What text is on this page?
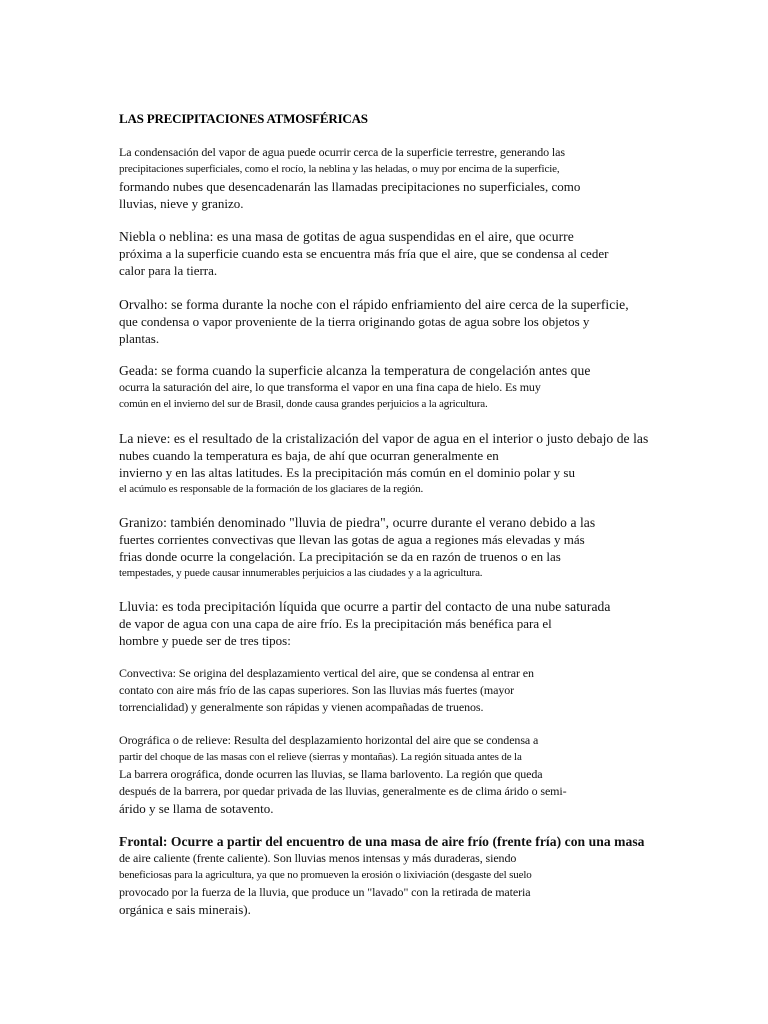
LAS PRECIPITACIONES ATMOSFÉRICAS
La condensación del vapor de agua puede ocurrir cerca de la superficie terrestre, generando las
precipitaciones superficiales, como el rocío, la neblina y las heladas, o muy por encima de la superficie,
formando nubes que desencadenarán las llamadas precipitaciones no superficiales, como
lluvias, nieve y granizo.
Niebla o neblina: es una masa de gotitas de agua suspendidas en el aire, que ocurre
próxima a la superficie cuando esta se encuentra más fría que el aire, que se condensa al ceder
calor para la tierra.
Orvalho: se forma durante la noche con el rápido enfriamiento del aire cerca de la superficie,
que condensa o vapor proveniente de la tierra originando gotas de agua sobre los objetos y
plantas.
Geada: se forma cuando la superficie alcanza la temperatura de congelación antes que
ocurra la saturación del aire, lo que transforma el vapor en una fina capa de hielo. Es muy
común en el invierno del sur de Brasil, donde causa grandes perjuicios a la agricultura.
La nieve: es el resultado de la cristalización del vapor de agua en el interior o justo debajo de las
nubes cuando la temperatura es baja, de ahí que ocurran generalmente en
invierno y en las altas latitudes. Es la precipitación más común en el dominio polar y su
el acúmulo es responsable de la formación de los glaciares de la región.
Granizo: también denominado "lluvia de piedra", ocurre durante el verano debido a las
fuertes corrientes convectivas que llevan las gotas de agua a regiones más elevadas y más
frias donde ocurre la congelación. La precipitación se da en razón de truenos o en las
tempestades, y puede causar innumerables perjuicios a las ciudades y a la agricultura.
Lluvia: es toda precipitación líquida que ocurre a partir del contacto de una nube saturada
de vapor de agua con una capa de aire frío. Es la precipitación más benéfica para el
hombre y puede ser de tres tipos:
Convectiva: Se origina del desplazamiento vertical del aire, que se condensa al entrar en
contato con aire más frío de las capas superiores. Son las lluvias más fuertes (mayor
torrencialidad) y generalmente son rápidas y vienen acompañadas de truenos.
Orográfica o de relieve: Resulta del desplazamiento horizontal del aire que se condensa a
partir del choque de las masas con el relieve (sierras y montañas). La región situada antes de la
La barrera orográfica, donde ocurren las lluvias, se llama barlovento. La región que queda
después de la barrera, por quedar privada de las lluvias, generalmente es de clima árido o semi-
árido y se llama de sotavento.
Frontal: Ocurre a partir del encuentro de una masa de aire frío (frente fría) con una masa
de aire caliente (frente caliente). Son lluvias menos intensas y más duraderas, siendo
beneficiosas para la agricultura, ya que no promueven la erosión o lixiviación (desgaste del suelo
provocado por la fuerza de la lluvia, que produce un "lavado" con la retirada de materia
orgánica e sais minerais).
